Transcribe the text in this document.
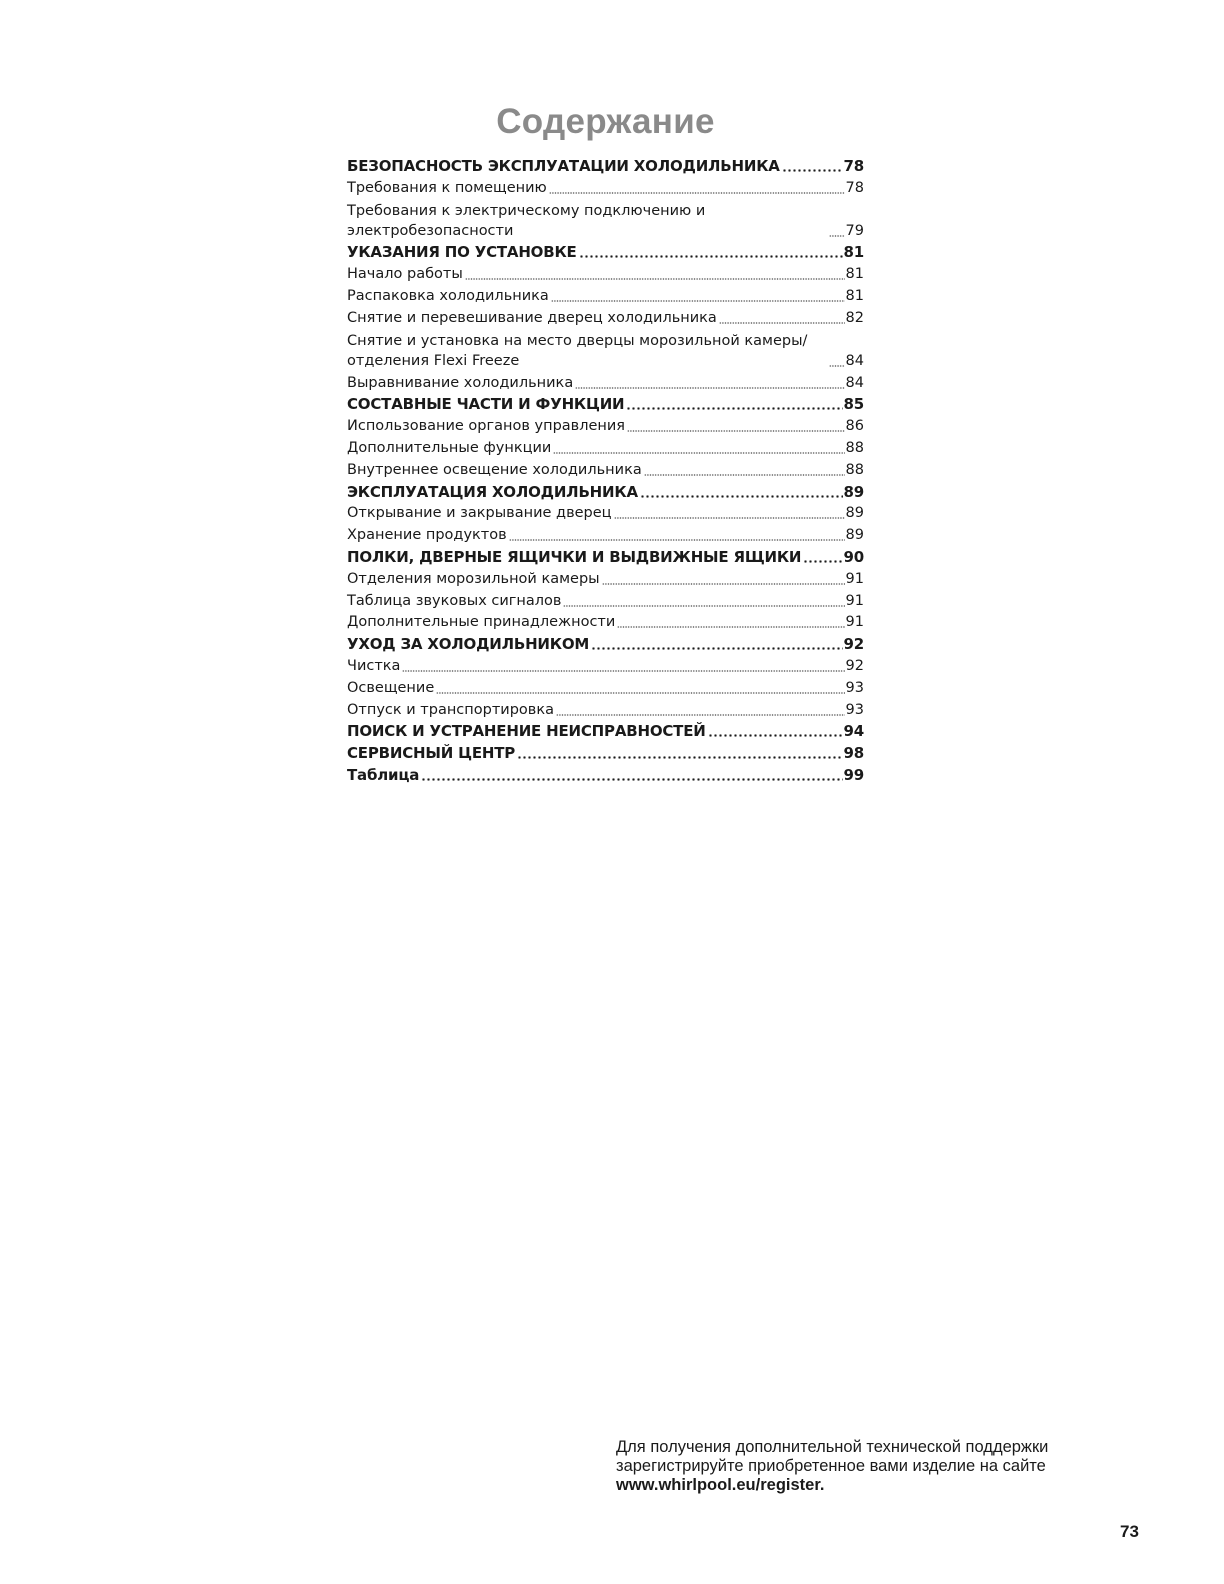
Содержание
БЕЗОПАСНОСТЬ ЭКСПЛУАТАЦИИ ХОЛОДИЛЬНИКА	78
Требования к помещению	78
Требования к электрическому подключению и электробезопасности	79
УКАЗАНИЯ ПО УСТАНОВКЕ	81
Начало работы	81
Распаковка холодильника	81
Снятие и перевешивание дверец холодильника	82
Снятие и установка на место дверцы морозильной камеры/ отделения Flexi Freeze	84
Выравнивание холодильника	84
СОСТАВНЫЕ ЧАСТИ И ФУНКЦИИ	85
Использование органов управления	86
Дополнительные функции	88
Внутреннее освещение холодильника	88
ЭКСПЛУАТАЦИЯ ХОЛОДИЛЬНИКА	89
Открывание и закрывание дверец	89
Хранение продуктов	89
ПОЛКИ, ДВЕРНЫЕ ЯЩИЧКИ И ВЫДВИЖНЫЕ ЯЩИКИ	90
Отделения морозильной камеры	91
Таблица звуковых сигналов	91
Дополнительные принадлежности	91
УХОД ЗА ХОЛОДИЛЬНИКОМ	92
Чистка	92
Освещение	93
Отпуск и транспортировка	93
ПОИСК И УСТРАНЕНИЕ НЕИСПРАВНОСТЕЙ	94
СЕРВИСНЫЙ ЦЕНТР	98
Таблица	99
Для получения дополнительной технической поддержки
зарегистрируйте приобретенное вами изделие на сайте

www.whirlpool.eu/register.
73
